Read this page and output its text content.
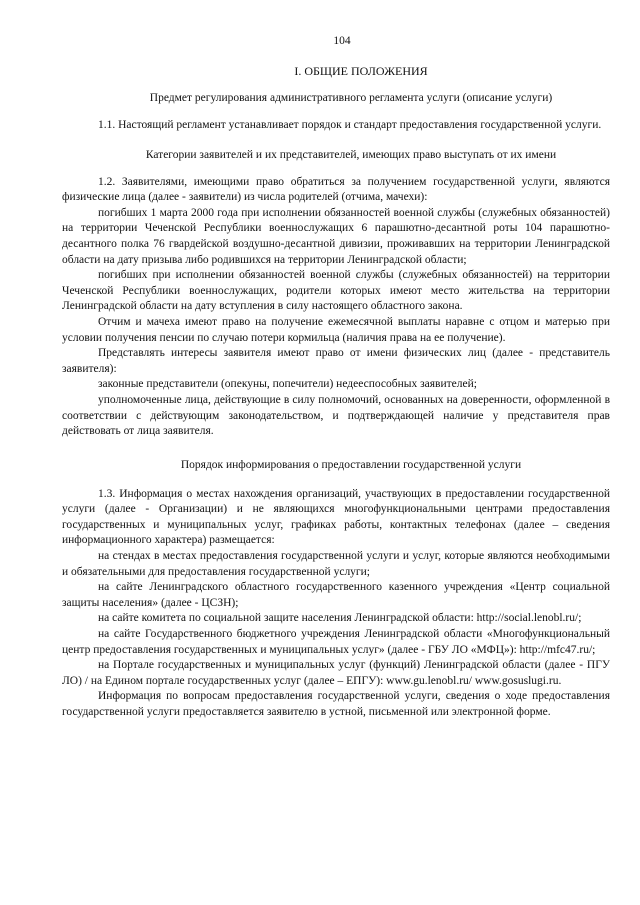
104
I. ОБЩИЕ ПОЛОЖЕНИЯ
Предмет регулирования административного регламента услуги (описание услуги)

1.1. Настоящий регламент устанавливает порядок и стандарт предоставления государственной услуги.

Категории заявителей и их представителей, имеющих право выступать от их имени

1.2. Заявителями, имеющими право обратиться за получением государственной услуги, являются физические лица (далее - заявители) из числа родителей (отчима, мачехи):

погибших 1 марта 2000 года при исполнении обязанностей военной службы (служебных обязанностей) на территории Чеченской Республики военнослужащих 6 парашютно-десантной роты 104 парашютно-десантного полка 76 гвардейской воздушно-десантной дивизии, проживавших на территории Ленинградской области на дату призыва либо родившихся на территории Ленинградской области;

погибших при исполнении обязанностей военной службы (служебных обязанностей) на территории Чеченской Республики военнослужащих, родители которых имеют место жительства на территории Ленинградской области на дату вступления в силу настоящего областного закона.

Отчим и мачеха имеют право на получение ежемесячной выплаты наравне с отцом и матерью при условии получения пенсии по случаю потери кормильца (наличия права на ее получение).

Представлять интересы заявителя имеют право от имени физических лиц (далее - представитель заявителя):

законные представители (опекуны, попечители) недееспособных заявителей;

уполномоченные лица, действующие в силу полномочий, основанных на доверенности, оформленной в соответствии с действующим законодательством, и подтверждающей наличие у представителя прав действовать от лица заявителя.

Порядок информирования о предоставлении государственной услуги

1.3. Информация о местах нахождения организаций, участвующих в предоставлении государственной услуги (далее - Организации) и не являющихся многофункциональными центрами предоставления государственных и муниципальных услуг, графиках работы, контактных телефонах (далее – сведения информационного характера) размещается:

на стендах в местах предоставления государственной услуги и услуг, которые являются необходимыми и обязательными для предоставления государственной услуги;

на сайте Ленинградского областного государственного казенного учреждения «Центр социальной защиты населения» (далее - ЦСЗН);

на сайте комитета по социальной защите населения Ленинградской области: http://social.lenobl.ru/;

на сайте Государственного бюджетного учреждения Ленинградской области «Многофункциональный центр предоставления государственных и муниципальных услуг» (далее - ГБУ ЛО «МФЦ»): http://mfc47.ru/;

на Портале государственных и муниципальных услуг (функций) Ленинградской области (далее - ПГУ ЛО) / на Едином портале государственных услуг (далее – ЕПГУ): www.gu.lenobl.ru/ www.gosuslugi.ru.

Информация по вопросам предоставления государственной услуги, сведения о ходе предоставления государственной услуги предоставляется заявителю в устной, письменной или электронной форме.
